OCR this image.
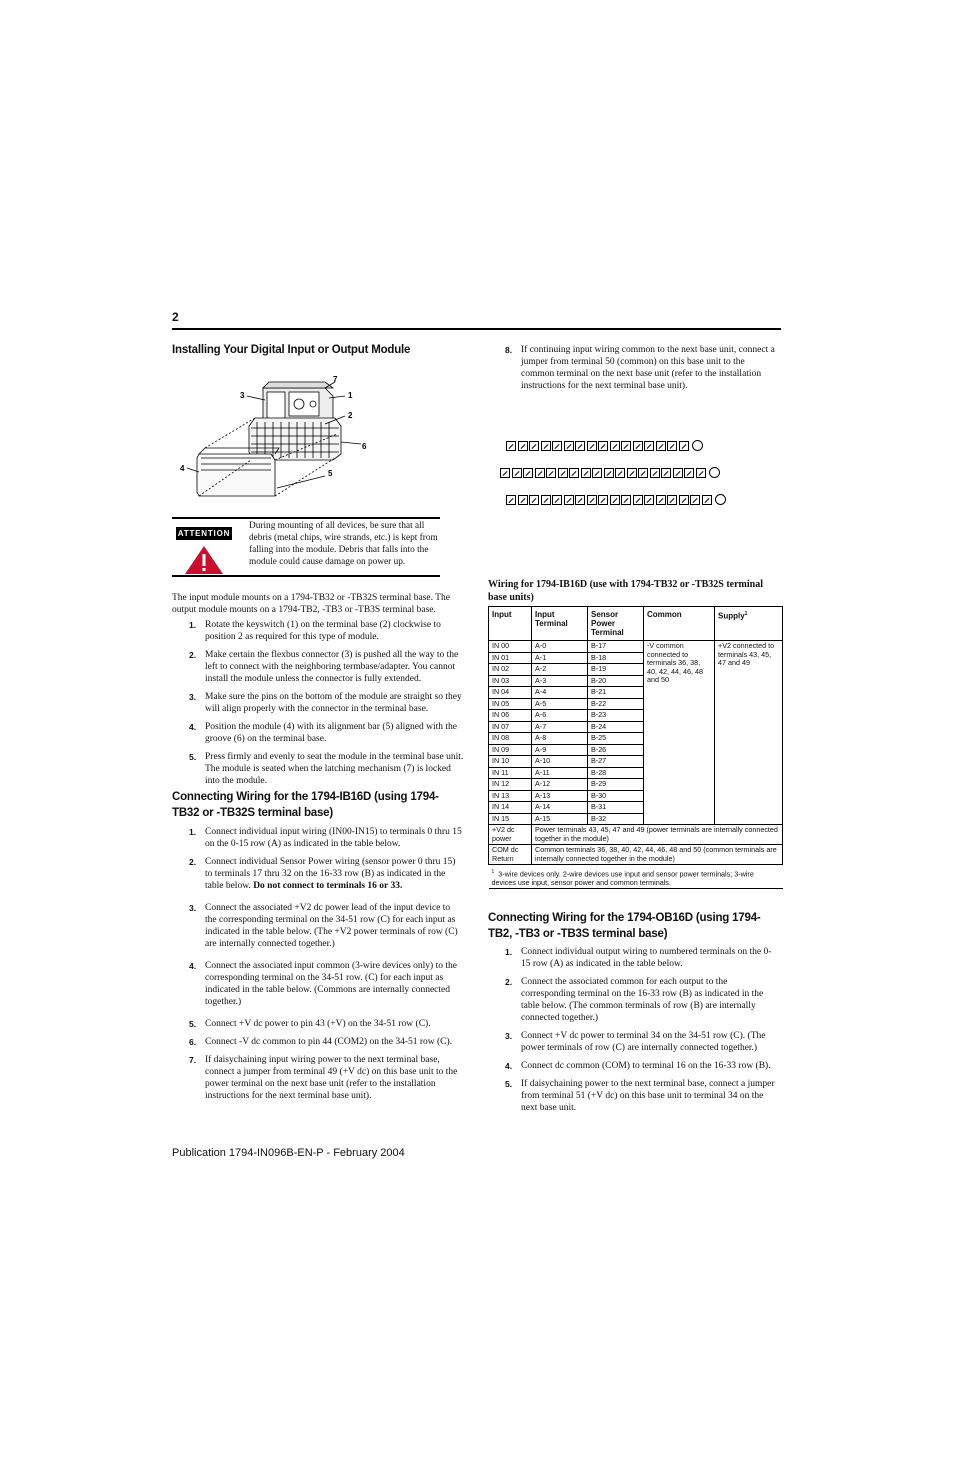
2
Installing Your Digital Input or Output Module
7
3	1
2
6
4
5
ATTENTION
During mounting of all devices, be sure that all debris (metal chips, wire strands, etc.) is kept from falling into the module. Debris that falls into the module could cause damage on power up.

The input module mounts on a 1794-TB32 or -TB32S terminal base. The output module mounts on a 1794-TB2, -TB3 or -TB3S terminal base.

1. Rotate the keyswitch (1) on the terminal base (2) clockwise to position 2 as required for this type of module.
2. Make certain the flexbus connector (3) is pushed all the way to the left to connect with the neighboring termbase/adapter. You cannot install the module unless the connector is fully extended.
3. Make sure the pins on the bottom of the module are straight so they will align properly with the connector in the terminal base.
4. Position the module (4) with its alignment bar (5) aligned with the groove (6) on the terminal base.
5. Press firmly and evenly to seat the module in the terminal base unit. The module is seated when the latching mechanism (7) is locked into the module.
Connecting Wiring for the 1794-IB16D (using 1794-TB32 or -TB32S terminal base)
1. Connect individual input wiring (IN00-IN15) to terminals 0 thru 15 on the 0-15 row (A) as indicated in the table below.
2. Connect individual Sensor Power wiring (sensor power 0 thru 15) to terminals 17 thru 32 on the 16-33 row (B) as indicated in the table below. Do not connect to terminals 16 or 33.
3. Connect the associated +V2 dc power lead of the input device to the corresponding terminal on the 34-51 row (C) for each input as indicated in the table below. (The +V2 power terminals of row (C) are internally connected together.)
4. Connect the associated input common (3-wire devices only) to the corresponding terminal on the 34-51 row. (C) for each input as indicated in the table below. (Commons are internally connected together.)
5. Connect +V dc power to pin 43 (+V) on the 34-51 row (C).
6. Connect -V dc common to pin 44 (COM2) on the 34-51 row (C).
7. If daisychaining input wiring power to the next terminal base, connect a jumper from terminal 49 (+V dc) on this base unit to the power terminal on the next base unit (refer to the installation instructions for the next terminal base unit).
8. If continuing input wiring common to the next base unit, connect a jumper from terminal 50 (common) on this base unit to the common terminal on the next base unit (refer to the installation instructions for the next terminal base unit).
Wiring for 1794-IB16D (use with 1794-TB32 or -TB32S terminal base units)
Input	Input Terminal	Sensor Power Terminal	Common	Supply$^1$
IN 00	A-0	B-17	-V common connected to terminals 36, 38, 40, 42, 44, 46, 48 and 50	+V2 connected to terminals 43, 45, 47 and 49
IN 01	A-1	B-18		
IN 02	A-2	B-19		
IN 03	A-3	B-20		
IN 04	A-4	B-21		
IN 05	A-5	B-22		
IN 06	A-6	B-23		
IN 07	A-7	B-24		
IN 08	A-8	B-25		
IN 09	A-9	B-26		
IN 10	A-10	B-27		
IN 11	A-11	B-28		
IN 12	A-12	B-29		
IN 13	A-13	B-30		
IN 14	A-14	B-31		
IN 15	A-15	B-32		
+V2 dc power	Power terminals 43, 45, 47 and 49 (power terminals are internally connected together in the module)			
COM dc Return	Common terminals 36, 38, 40, 42, 44, 46, 48 and 50 (common terminals are internally connected together in the module)			
$^1$ 3-wire devices only. 2-wire devices use input and sensor power terminals; 3-wire devices use input, sensor power and common terminals.				
Connecting Wiring for the 1794-OB16D (using 1794-TB2, -TB3 or -TB3S terminal base)
1. Connect individual output wiring to numbered terminals on the 0-15 row (A) as indicated in the table below.
2. Connect the associated common for each output to the corresponding terminal on the 16-33 row (B) as indicated in the table below. (The common terminals of row (B) are internally connected together.)
3. Connect +V dc power to terminal 34 on the 34-51 row (C). (The power terminals of row (C) are internally connected together.)
4. Connect dc common (COM) to terminal 16 on the 16-33 row (B).
5. If daisychaining power to the next terminal base, connect a jumper from terminal 51 (+V dc) on this base unit to terminal 34 on the next base unit.
Publication 1794-IN096B-EN-P - February 2004
